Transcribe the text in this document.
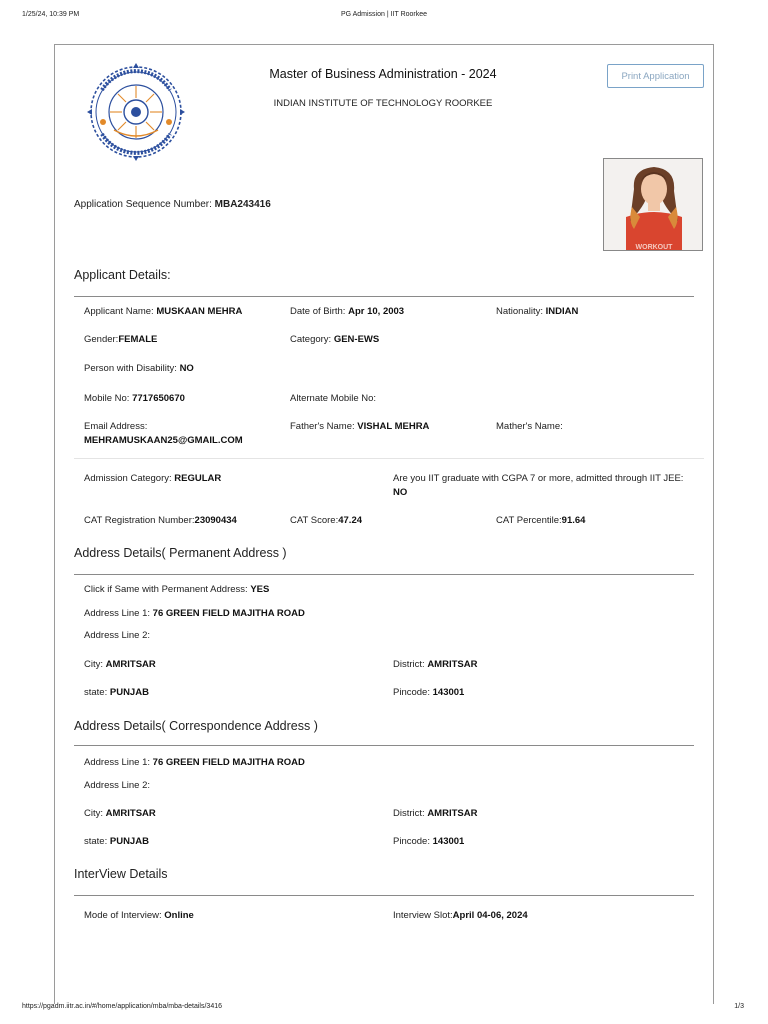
1/25/24, 10:39 PM	PG Admission | IIT Roorkee
Master of Business Administration - 2024
INDIAN INSTITUTE OF TECHNOLOGY ROORKEE
Print Application
WORKOUT
Application Sequence Number: MBA243416
Applicant Details:
Applicant Name: MUSKAAN MEHRA	Date of Birth: Apr 10, 2003	Nationality: INDIAN
Gender:FEMALE	Category: GEN-EWS
Person with Disability: NO
Mobile No: 7717650670	Alternate Mobile No:
Email Address:
MEHRAMUSKAAN25@GMAIL.COM
Father's Name: VISHAL MEHRA	Mather's Name:
Admission Category: REGULAR	Are you IIT graduate with CGPA 7 or more, admitted through IIT JEE: NO
CAT Registration Number:23090434	CAT Score:47.24	CAT Percentile:91.64
Address Details( Permanent Address )
Click if Same with Permanent Address: YES
Address Line 1: 76 GREEN FIELD MAJITHA ROAD
Address Line 2:
City: AMRITSAR	District: AMRITSAR
state: PUNJAB	Pincode: 143001
Address Details( Correspondence Address )
Address Line 1: 76 GREEN FIELD MAJITHA ROAD
Address Line 2:
City: AMRITSAR	District: AMRITSAR
state: PUNJAB	Pincode: 143001
InterView Details
Mode of Interview: Online	Interview Slot:April 04-06, 2024
https://pgadm.iitr.ac.in/#/home/application/mba/mba-details/3416	1/3
